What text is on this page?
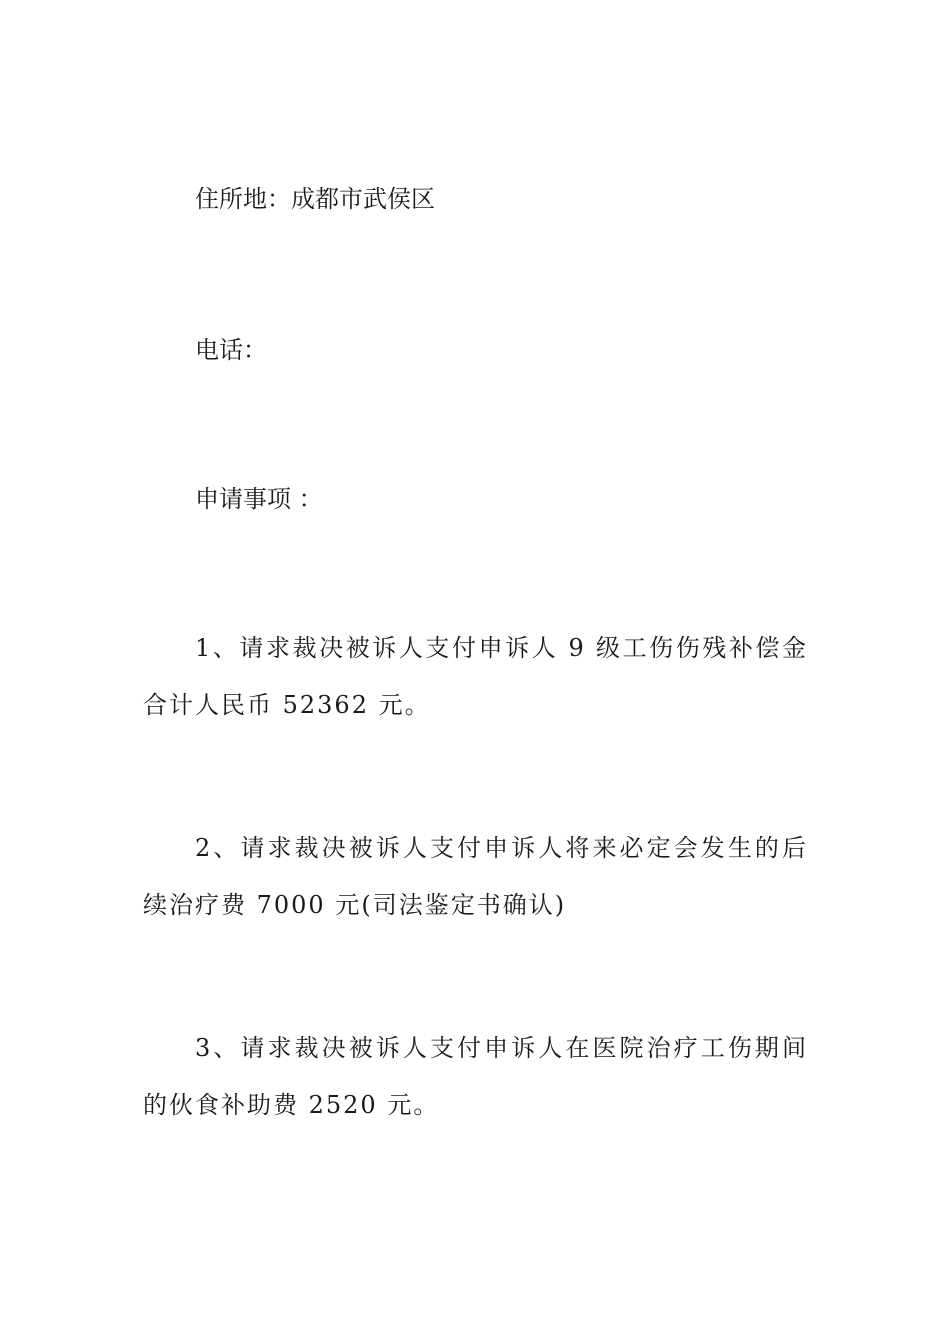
住所地：成都市武侯区

电话：

申请事项 ：

1、请求裁决被诉人支付申诉人 9 级工伤伤残补偿金合计人民币 52362 元。

2、请求裁决被诉人支付申诉人将来必定会发生的后续治疗费 7000 元(司法鉴定书确认)

3、请求裁决被诉人支付申诉人在医院治疗工伤期间的伙食补助费 2520 元。
